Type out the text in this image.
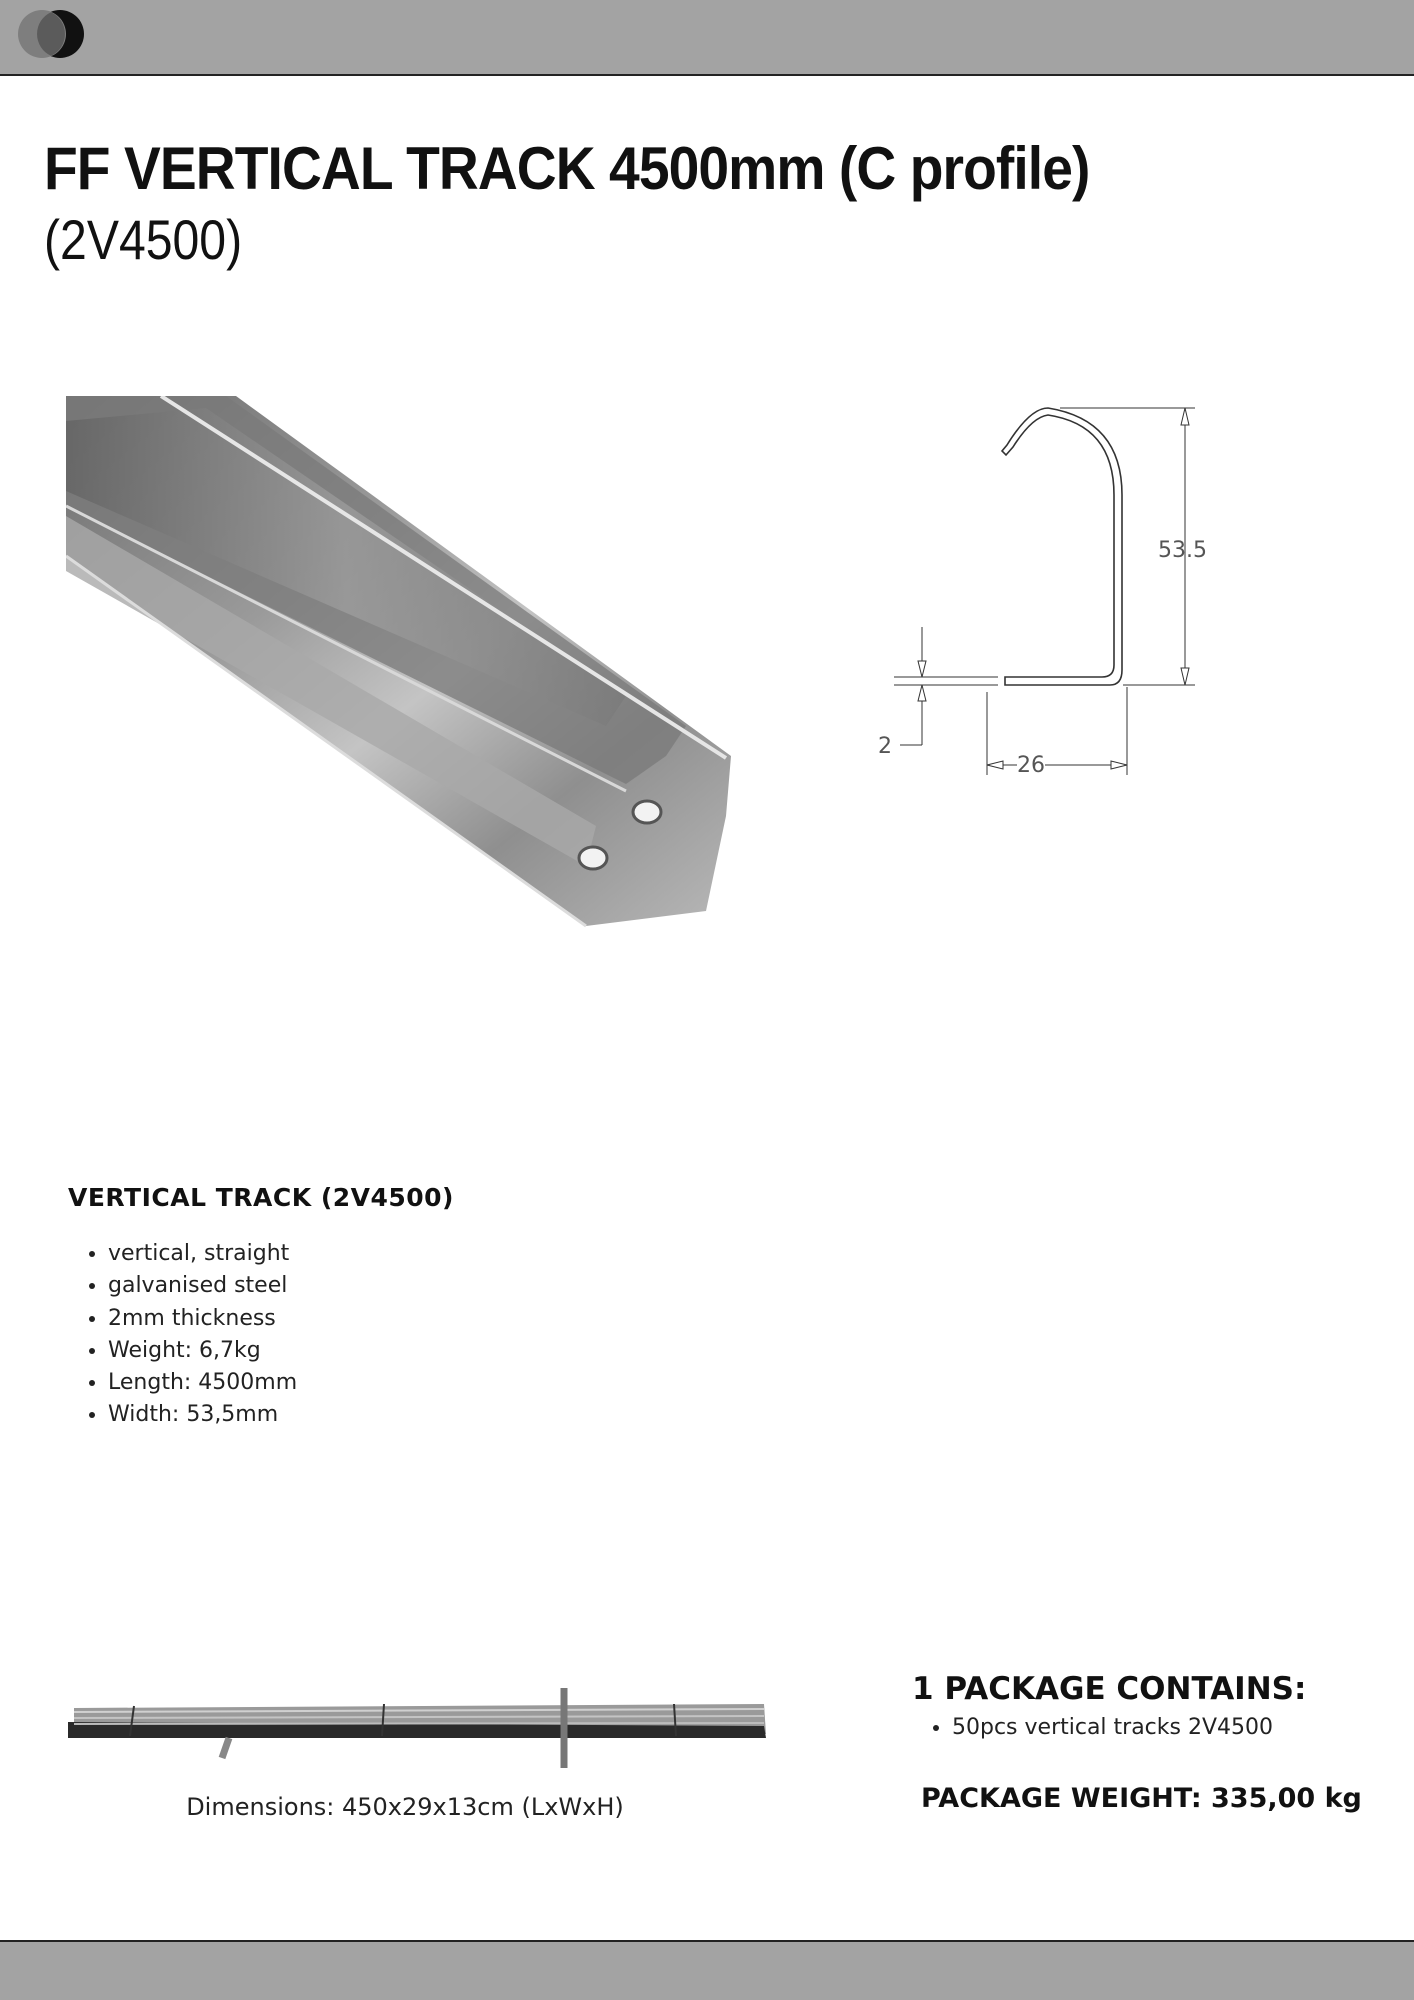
FF VERTICAL TRACK 4500mm (C profile)
(2V4500)
53.5
2
26
VERTICAL TRACK (2V4500)
• vertical, straight
• galvanised steel
• 2mm thickness
• Weight: 6,7kg
• Length: 4500mm
• Width: 53,5mm
Dimensions: 450x29x13cm (LxWxH)
1 PACKAGE CONTAINS:
• 50pcs vertical tracks 2V4500
PACKAGE WEIGHT: 335,00 kg
